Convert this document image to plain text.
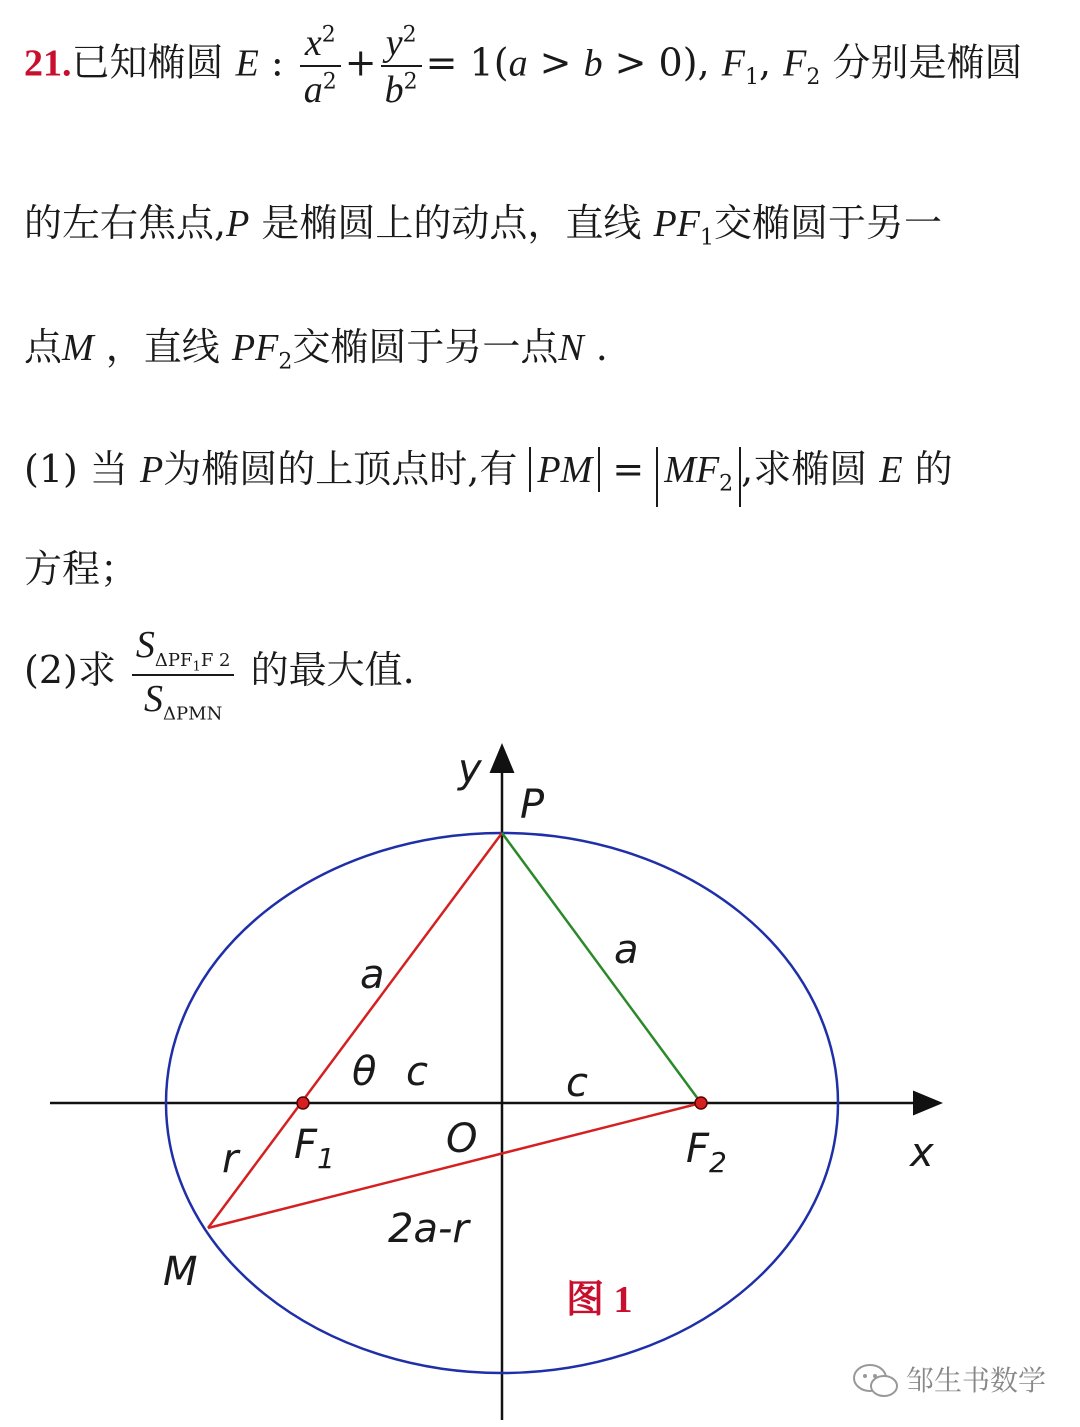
21.已知椭圆 E : $\frac{x^2}{a^2} + \frac{y^2}{b^2} = 1(a > b > 0)$, $F_1$, $F_2$ 分别是椭圆
的左右焦点,P 是椭圆上的动点，直线 $PF_1$交椭圆于另一
点M ，直线 $PF_2$交椭圆于另一点N .
(1) 当 P为椭圆的上顶点时,有 PM = $MF_2$ ,求椭圆 E 的
方程；
(2)求 $\frac{S_{\Delta PF_1F 2}}{S_{\Delta PMN}}$ 的最大值.
y
P
a
a
θ c	c
$F_1$	O	$F_2$	x
r
2a-r
M
图 1
邹生书数学
